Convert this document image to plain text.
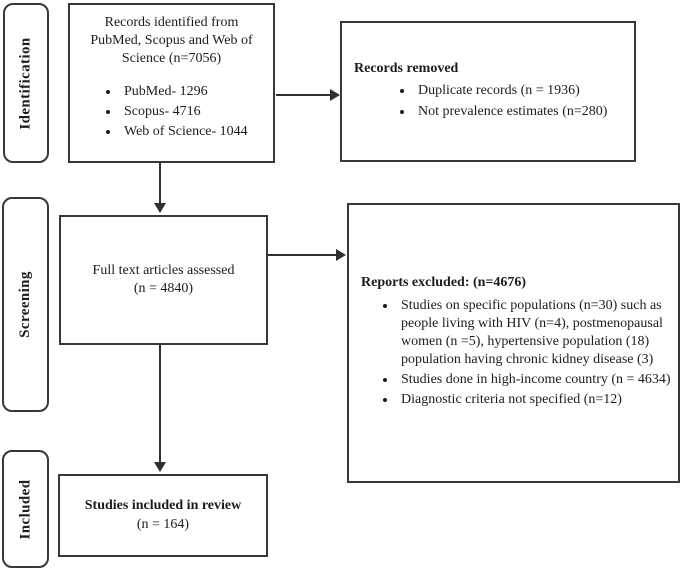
Identification
Screening
Included
Records identified from PubMed, Scopus and Web of Science (n=7056)
• PubMed- 1296
• Scopus- 4716
• Web of Science- 1044
Records removed
• Duplicate records (n = 1936)
• Not prevalence estimates (n=280)
Full text articles assessed
(n = 4840)	Reports excluded: (n=4676)
• Studies on specific populations (n=30) such as people living with HIV (n=4), postmenopausal women (n =5), hypertensive population (18) population having chronic kidney disease (3)
• Studies done in high-income country (n = 4634)
• Diagnostic criteria not specified (n=12)
Studies included in review
(n = 164)
